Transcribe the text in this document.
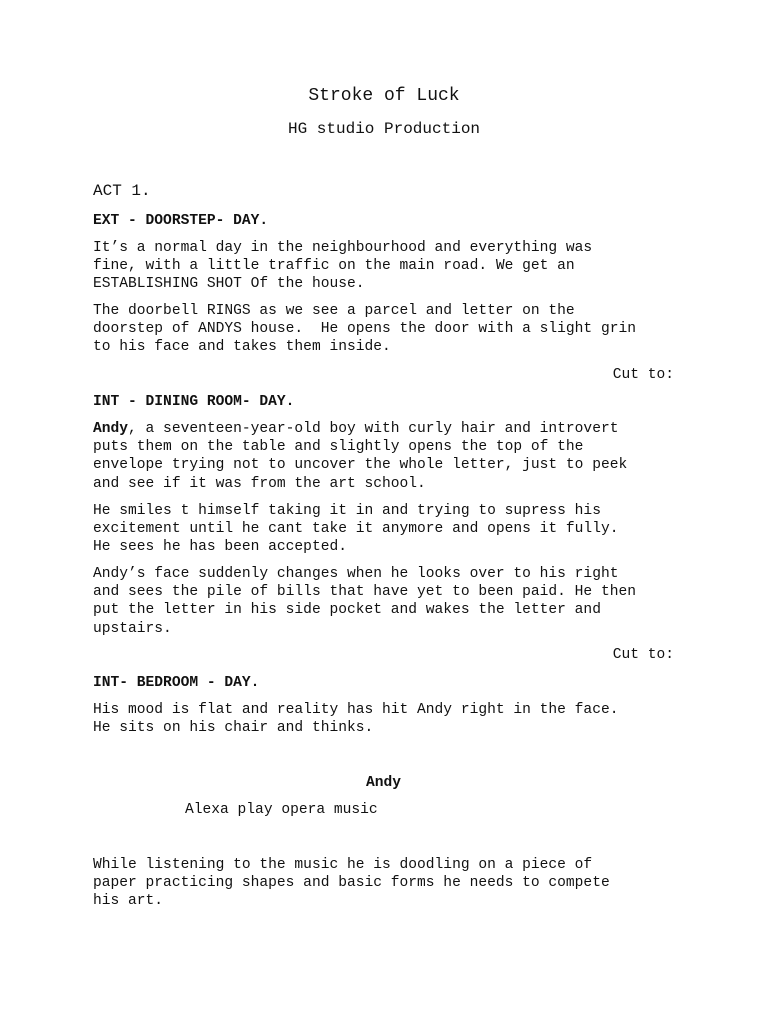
Stroke of Luck

HG studio Production

ACT 1.

EXT - DOORSTEP- DAY.

It’s a normal day in the neighbourhood and everything was
fine, with a little traffic on the main road. We get an
ESTABLISHING SHOT Of the house.

The doorbell RINGS as we see a parcel and letter on the
doorstep of ANDYS house.  He opens the door with a slight grin
to his face and takes them inside.

Cut to:

INT - DINING ROOM- DAY.

Andy, a seventeen-year-old boy with curly hair and introvert
puts them on the table and slightly opens the top of the
envelope trying not to uncover the whole letter, just to peek
and see if it was from the art school.

He smiles t himself taking it in and trying to supress his
excitement until he cant take it anymore and opens it fully.
He sees he has been accepted.

Andy’s face suddenly changes when he looks over to his right
and sees the pile of bills that have yet to been paid. He then
put the letter in his side pocket and wakes the letter and
upstairs.

Cut to:

INT- BEDROOM - DAY.

His mood is flat and reality has hit Andy right in the face.
He sits on his chair and thinks.

Andy

Alexa play opera music

While listening to the music he is doodling on a piece of
paper practicing shapes and basic forms he needs to compete
his art.
